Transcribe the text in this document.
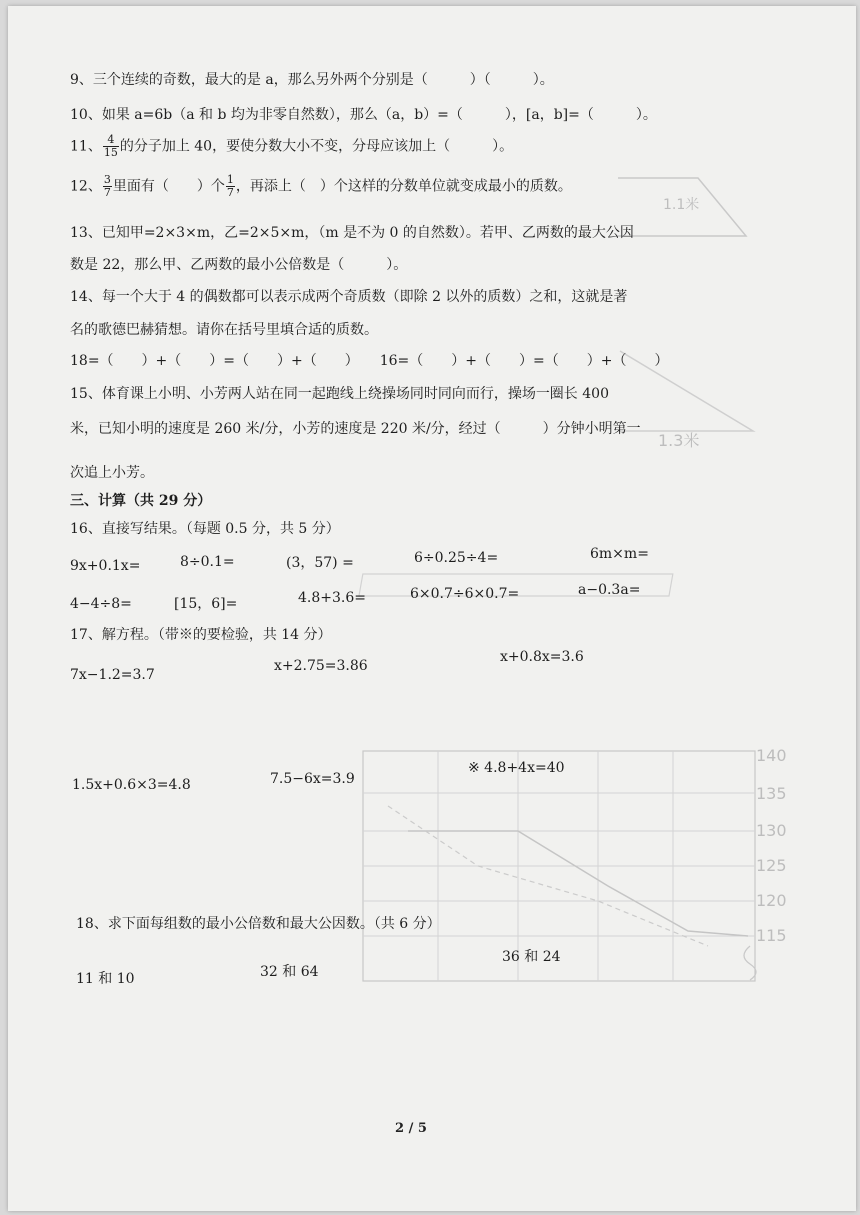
140
135
130
125
120
115
1.1米
1.3米
9、三个连续的奇数，最大的是 a，那么另外两个分别是（　　　）（　　　）。
10、如果 a=6b（a 和 b 均为非零自然数），那么（a，b）=（　　　），[a，b]=（　　　）。
11、 $\frac{4}{15}$ 的分子加上 40，要使分数大小不变，分母应该加上（　　　）。
12、 $\frac{3}{7}$ 里面有（　　）个 $\frac{1}{7}$ ，再添上（　）个这样的分数单位就变成最小的质数。
13、已知甲=2×3×m，乙=2×5×m，（m 是不为 0 的自然数）。若甲、乙两数的最大公因
数是 22，那么甲、乙两数的最小公倍数是（　　　）。
14、每一个大于 4 的偶数都可以表示成两个奇质数（即除 2 以外的质数）之和，这就是著
名的歌德巴赫猜想。请你在括号里填合适的质数。
18=（　　）+（　　）=（　　）+（　　）　　16=（　　）+（　　）=（　　）+（　　）
15、体育课上小明、小芳两人站在同一起跑线上绕操场同时同向而行，操场一圈长 400
米，已知小明的速度是 260 米/分，小芳的速度是 220 米/分，经过（　　　）分钟小明第一
次追上小芳。
三、计算（共 29 分）
16、直接写结果。（每题 0.5 分，共 5 分）
9x+0.1x=	8÷0.1=	(3，57) =	6÷0.25÷4=	6m×m=
4−4÷8=	[15，6]=	4.8+3.6=	6×0.7÷6×0.7=	a−0.3a=
17、解方程。（带※的要检验，共 14 分）
7x−1.2=3.7
x+2.75=3.86
x+0.8x=3.6
1.5x+0.6×3=4.8	7.5−6x=3.9
※ 4.8+4x=40
18、求下面每组数的最小公倍数和最大公因数。（共 6 分）
11 和 10	32 和 64
36 和 24
2 / 5
